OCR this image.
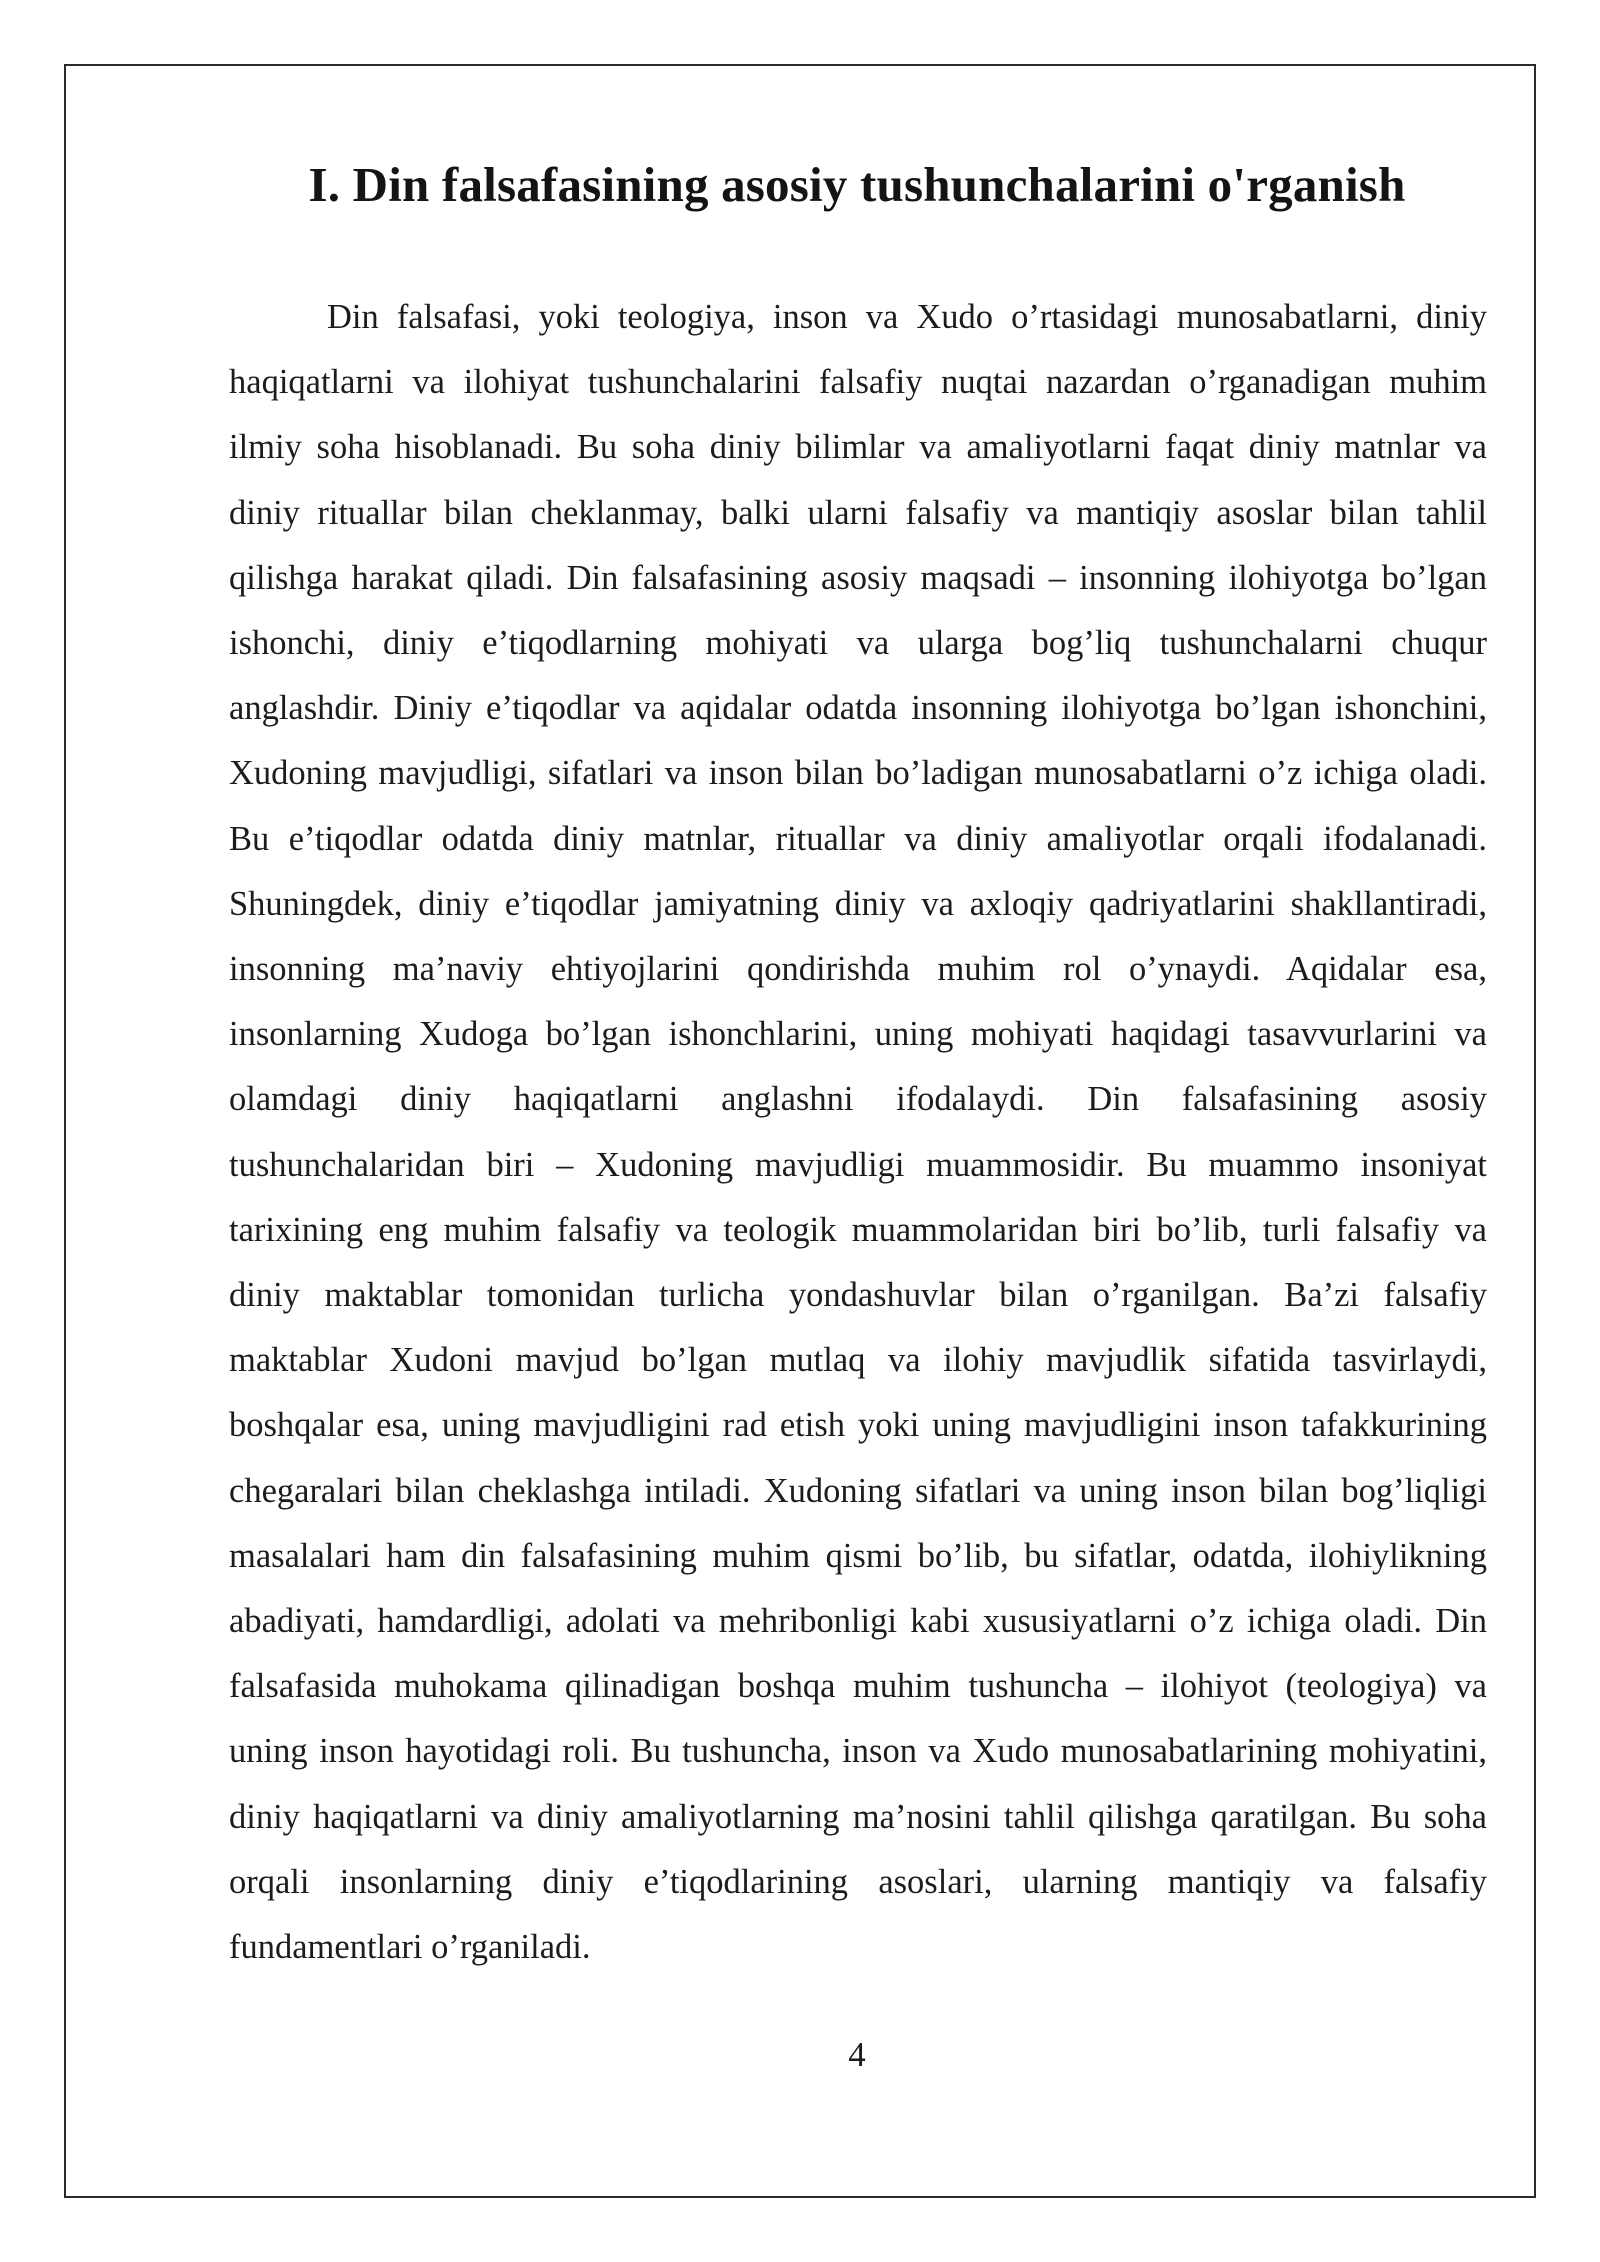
I. Din falsafasining asosiy tushunchalarini o'rganish

Din falsafasi, yoki teologiya, inson va Xudo o’rtasidagi munosabatlarni, diniy haqiqatlarni va ilohiyat tushunchalarini falsafiy nuqtai nazardan o’rganadigan muhim ilmiy soha hisoblanadi. Bu soha diniy bilimlar va amaliyotlarni faqat diniy matnlar va diniy rituallar bilan cheklanmay, balki ularni falsafiy va mantiqiy asoslar bilan tahlil qilishga harakat qiladi. Din falsafasining asosiy maqsadi – insonning ilohiyotga bo’lgan ishonchi, diniy e’tiqodlarning mohiyati va ularga bog’liq tushunchalarni chuqur anglashdir. Diniy e’tiqodlar va aqidalar odatda insonning ilohiyotga bo’lgan ishonchini, Xudoning mavjudligi, sifatlari va inson bilan bo’ladigan munosabatlarni o’z ichiga oladi. Bu e’tiqodlar odatda diniy matnlar, rituallar va diniy amaliyotlar orqali ifodalanadi. Shuningdek, diniy e’tiqodlar jamiyatning diniy va axloqiy qadriyatlarini shakllantiradi, insonning ma’naviy ehtiyojlarini qondirishda muhim rol o’ynaydi. Aqidalar esa, insonlarning Xudoga bo’lgan ishonchlarini, uning mohiyati haqidagi tasavvurlarini va olamdagi diniy haqiqatlarni anglashni ifodalaydi. Din falsafasining asosiy tushunchalaridan biri – Xudoning mavjudligi muammosidir. Bu muammo insoniyat tarixining eng muhim falsafiy va teologik muammolaridan biri bo’lib, turli falsafiy va diniy maktablar tomonidan turlicha yondashuvlar bilan o’rganilgan. Ba’zi falsafiy maktablar Xudoni mavjud bo’lgan mutlaq va ilohiy mavjudlik sifatida tasvirlaydi, boshqalar esa, uning mavjudligini rad etish yoki uning mavjudligini inson tafakkurining chegaralari bilan cheklashga intiladi. Xudoning sifatlari va uning inson bilan bog’liqligi masalalari ham din falsafasining muhim qismi bo’lib, bu sifatlar, odatda, ilohiylikning abadiyati, hamdardligi, adolati va mehribonligi kabi xususiyatlarni o’z ichiga oladi. Din falsafasida muhokama qilinadigan boshqa muhim tushuncha – ilohiyot (teologiya) va uning inson hayotidagi roli. Bu tushuncha, inson va Xudo munosabatlarining mohiyatini, diniy haqiqatlarni va diniy amaliyotlarning ma’nosini tahlil qilishga qaratilgan. Bu soha orqali insonlarning diniy e’tiqodlarining asoslari, ularning mantiqiy va falsafiy fundamentlari o’rganiladi.

4
